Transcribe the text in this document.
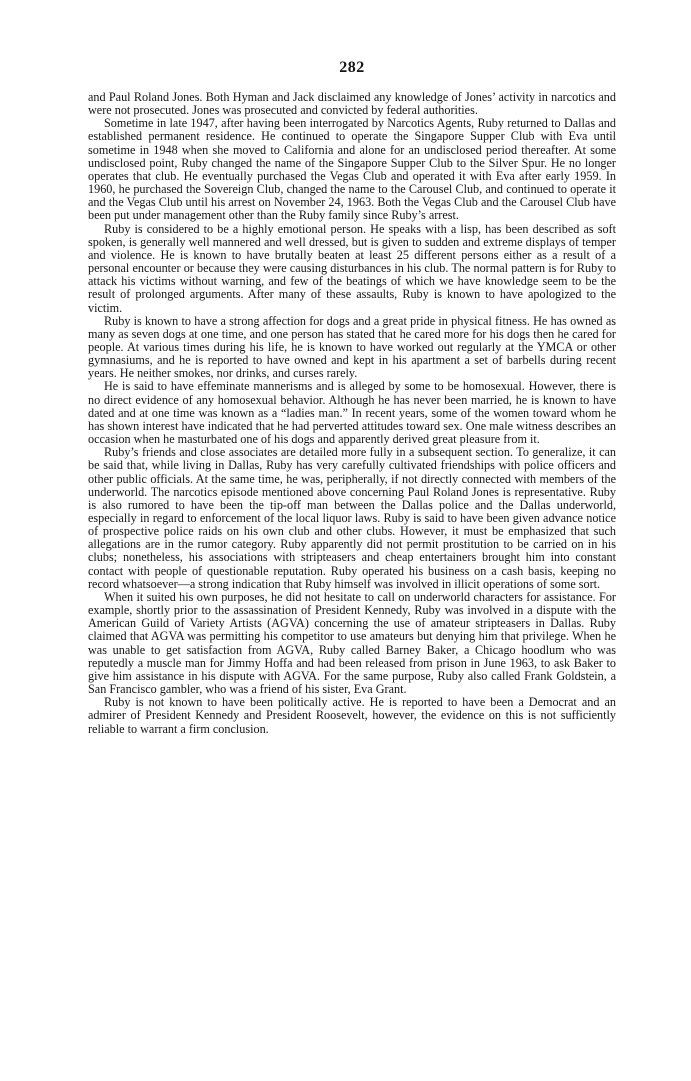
282

and Paul Roland Jones. Both Hyman and Jack disclaimed any knowledge of Jones’ activity in narcotics and were not prosecuted. Jones was prosecuted and convicted by federal authorities.

Sometime in late 1947, after having been interrogated by Narcotics Agents, Ruby returned to Dallas and established permanent residence. He continued to operate the Singapore Supper Club with Eva until sometime in 1948 when she moved to California and alone for an undisclosed period thereafter. At some undisclosed point, Ruby changed the name of the Singapore Supper Club to the Silver Spur. He no longer operates that club. He eventually purchased the Vegas Club and operated it with Eva after early 1959. In 1960, he purchased the Sovereign Club, changed the name to the Carousel Club, and continued to operate it and the Vegas Club until his arrest on November 24, 1963. Both the Vegas Club and the Carousel Club have been put under management other than the Ruby family since Ruby’s arrest.

Ruby is considered to be a highly emotional person. He speaks with a lisp, has been described as soft spoken, is generally well mannered and well dressed, but is given to sudden and extreme displays of temper and violence. He is known to have brutally beaten at least 25 different persons either as a result of a personal encounter or because they were causing disturbances in his club. The normal pattern is for Ruby to attack his victims without warning, and few of the beatings of which we have knowledge seem to be the result of prolonged arguments. After many of these assaults, Ruby is known to have apologized to the victim.

Ruby is known to have a strong affection for dogs and a great pride in physical fitness. He has owned as many as seven dogs at one time, and one person has stated that he cared more for his dogs then he cared for people. At various times during his life, he is known to have worked out regularly at the YMCA or other gymnasiums, and he is reported to have owned and kept in his apartment a set of barbells during recent years. He neither smokes, nor drinks, and curses rarely.

He is said to have effeminate mannerisms and is alleged by some to be homosexual. However, there is no direct evidence of any homosexual behavior. Although he has never been married, he is known to have dated and at one time was known as a “ladies man.” In recent years, some of the women toward whom he has shown interest have indicated that he had perverted attitudes toward sex. One male witness describes an occasion when he masturbated one of his dogs and apparently derived great pleasure from it.

Ruby’s friends and close associates are detailed more fully in a subsequent section. To generalize, it can be said that, while living in Dallas, Ruby has very carefully cultivated friendships with police officers and other public officials. At the same time, he was, peripherally, if not directly connected with members of the underworld. The narcotics episode mentioned above concerning Paul Roland Jones is representative. Ruby is also rumored to have been the tip-off man between the Dallas police and the Dallas underworld, especially in regard to enforcement of the local liquor laws. Ruby is said to have been given advance notice of prospective police raids on his own club and other clubs. However, it must be emphasized that such allegations are in the rumor category. Ruby apparently did not permit prostitution to be carried on in his clubs; nonetheless, his associations with stripteasers and cheap entertainers brought him into constant contact with people of questionable reputation. Ruby operated his business on a cash basis, keeping no record whatsoever—a strong indication that Ruby himself was involved in illicit operations of some sort.

When it suited his own purposes, he did not hesitate to call on underworld characters for assistance. For example, shortly prior to the assassination of President Kennedy, Ruby was involved in a dispute with the American Guild of Variety Artists (AGVA) concerning the use of amateur stripteasers in Dallas. Ruby claimed that AGVA was permitting his competitor to use amateurs but denying him that privilege. When he was unable to get satisfaction from AGVA, Ruby called Barney Baker, a Chicago hoodlum who was reputedly a muscle man for Jimmy Hoffa and had been released from prison in June 1963, to ask Baker to give him assistance in his dispute with AGVA. For the same purpose, Ruby also called Frank Goldstein, a San Francisco gambler, who was a friend of his sister, Eva Grant.

Ruby is not known to have been politically active. He is reported to have been a Democrat and an admirer of President Kennedy and President Roosevelt, however, the evidence on this is not sufficiently reliable to warrant a firm conclusion.
